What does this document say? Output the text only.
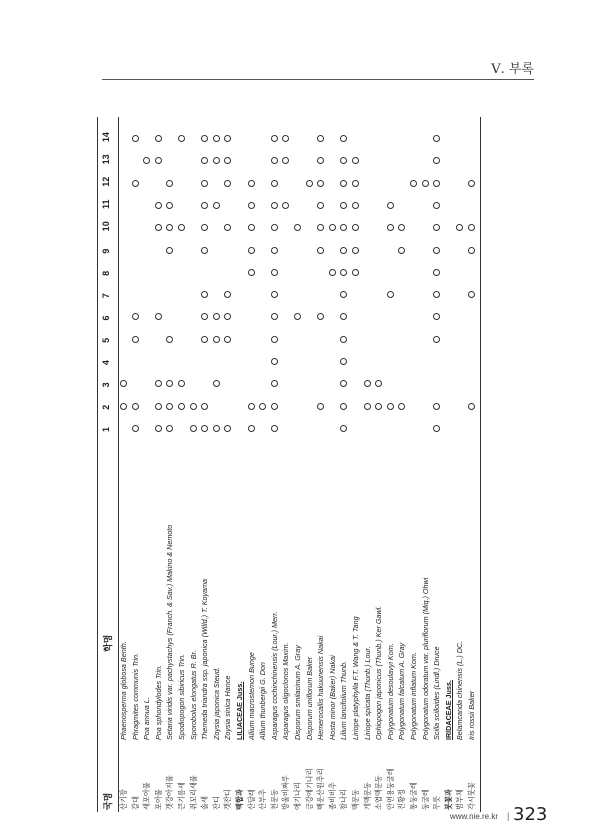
Ⅴ. 부록
국명
학명
1
2
3
4
5
6
7
8
9
10
11
12
13
14
산기장
Phaenosperma globosa Benth.
갈대
Phragmites communis Trin.
새포아풀
Poa annua L.
포아풀
Poa sphondylodes Trin.
갯강아지풀
Setaria viridis var. pachystachys (Franch. & Sav.) Makino & Nemoto
큰기름새
Spodiopogon sibiricus Trin.
쥐꼬리새풀
Sporobolus elongatus R. Br.
솔새
Themeda triandra ssp. japonica (Willd.) T. Koyama
잔디
Zoysia japonica Steud.
갯잔디
Zoysia sinica Hance
백합과
LILIACEAE Juss.
산달래
Allium macrostemon Bunge
산부추
Allium thunbergii G. Don
천문동
Asparagus cochinchinensis (Lour.) Merr.
방울비짜루
Asparagus oligoclonos Maxim.
애기나리
Disporum smilacinum A. Gray
금강애기나리
Disporum uniflorum Baker
백운산원추리
Hemerocallis hakuunensis Nakai
좀비비추
Hosta minor (Baker) Nakai
참나리
Lilium lancifolium Thunb.
맥문동
Liriope platyphylla F.T. Wang & T. Tang
개맥문동
Liriope spicata (Thunb.) Lour.
소엽맥문동
Ophiopogon japonicus (Thunb.) Ker Gawl.
안면용둥굴레
Polygonatum desoulavyi Kom.
진황정
Polygonatum falcatum A. Gray
통둥굴레
Polygonatum inflatum Kom.
둥굴레
Polygonatum odoratum var. pluriflorum (Miq.) Ohwi
무릇
Scilla scilloides (Lindl.) Druce
붓꽃과
IRIDACEAE Juss.
범부채
Belamcanda chinensis (L.) DC.
각시붓꽃
Iris rossii Baker
www.nie.re.kr | 323
